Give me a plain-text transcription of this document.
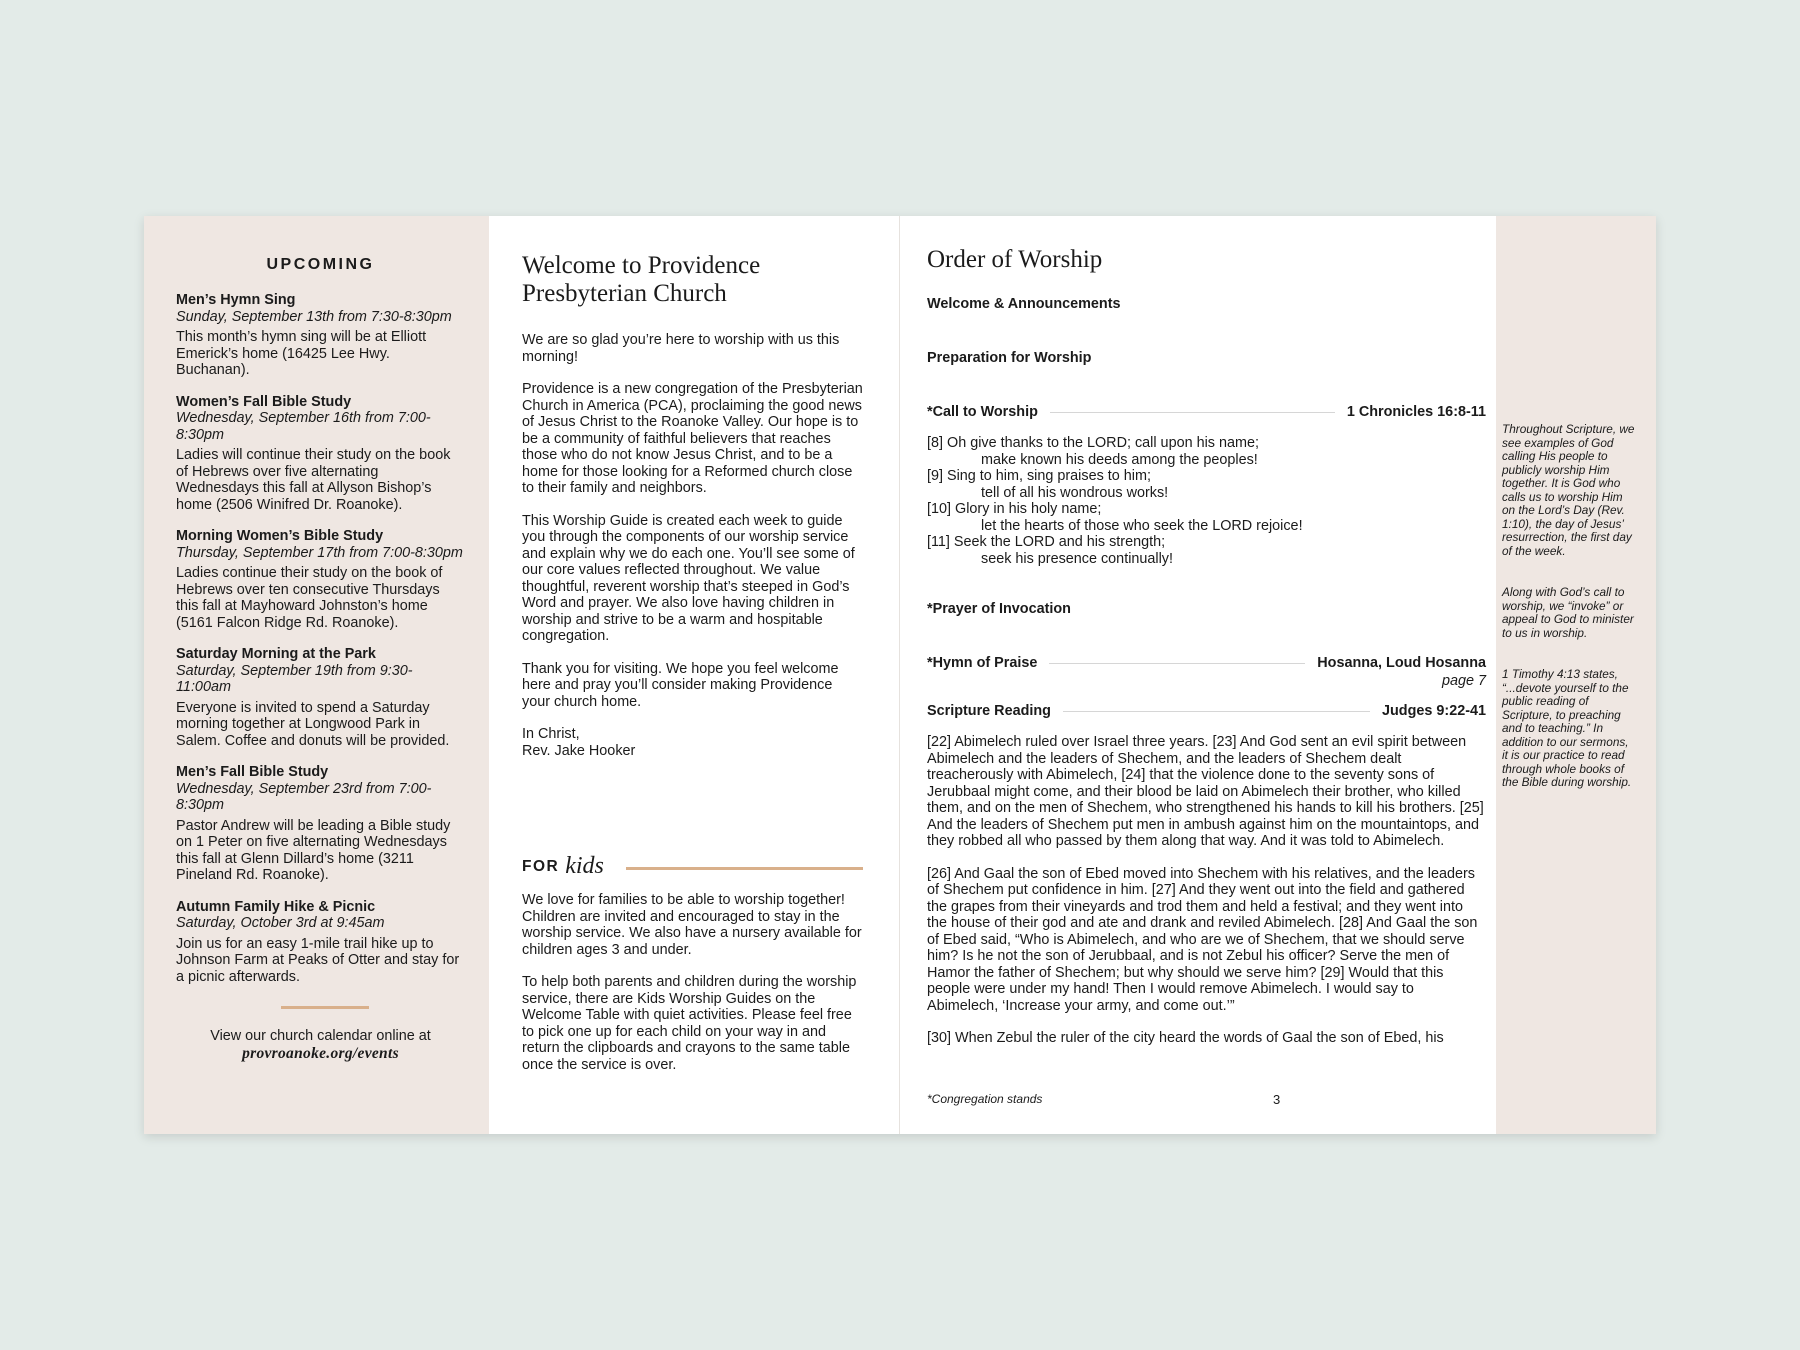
UPCOMING
Men’s Hymn Sing
Sunday, September 13th from 7:30-8:30pm
This month’s hymn sing will be at Elliott Emerick’s home (16425 Lee Hwy. Buchanan).
Women’s Fall Bible Study
Wednesday, September 16th from 7:00-8:30pm
Ladies will continue their study on the book of Hebrews over five alternating Wednesdays this fall at Allyson Bishop’s home (2506 Winifred Dr. Roanoke).
Morning Women’s Bible Study
Thursday, September 17th from 7:00-8:30pm
Ladies continue their study on the book of Hebrews over ten consecutive Thursdays this fall at Mayhoward Johnston’s home (5161 Falcon Ridge Rd. Roanoke).
Saturday Morning at the Park
Saturday, September 19th from 9:30-11:00am
Everyone is invited to spend a Saturday morning together at Longwood Park in Salem. Coffee and donuts will be provided.
Men’s Fall Bible Study
Wednesday, September 23rd from 7:00-8:30pm
Pastor Andrew will be leading a Bible study on 1 Peter on five alternating Wednesdays this fall at Glenn Dillard’s home (3211 Pineland Rd. Roanoke).
Autumn Family Hike & Picnic
Saturday, October 3rd at 9:45am
Join us for an easy 1-mile trail hike up to Johnson Farm at Peaks of Otter and stay for a picnic afterwards.
View our church calendar online at
provroanoke.org/events
Welcome to Providence
Presbyterian Church

We are so glad you’re here to worship with us this morning!

Providence is a new congregation of the Presbyterian Church in America (PCA), proclaiming the good news of Jesus Christ to the Roanoke Valley. Our hope is to be a community of faithful believers that reaches those who do not know Jesus Christ, and to be a home for those looking for a Reformed church close to their family and neighbors.

This Worship Guide is created each week to guide you through the components of our worship service and explain why we do each one. You’ll see some of our core values reflected throughout. We value thoughtful, reverent worship that’s steeped in God’s Word and prayer. We also love having children in worship and strive to be a warm and hospitable congregation.

Thank you for visiting. We hope you feel welcome here and pray you’ll consider making Providence your church home.

In Christ,
Rev. Jake Hooker
FOR kids

We love for families to be able to worship together! Children are invited and encouraged to stay in the worship service. We also have a nursery available for children ages 3 and under.

To help both parents and children during the worship service, there are Kids Worship Guides on the Welcome Table with quiet activities. Please feel free to pick one up for each child on your way in and return the clipboards and crayons to the same table once the service is over.

Order of Worship
Welcome & Announcements
Preparation for Worship
*Call to Worship	1 Chronicles 16:8-11
[8] Oh give thanks to the LORD; call upon his name;
make known his deeds among the peoples!
[9] Sing to him, sing praises to him;
tell of all his wondrous works!
[10] Glory in his holy name;
let the hearts of those who seek the LORD rejoice!
[11] Seek the LORD and his strength;
seek his presence continually!
*Prayer of Invocation
*Hymn of Praise	Hosanna, Loud Hosanna
page 7
Scripture Reading	Judges 9:22-41

[22] Abimelech ruled over Israel three years. [23] And God sent an evil spirit between Abimelech and the leaders of Shechem, and the leaders of Shechem dealt treacherously with Abimelech, [24] that the violence done to the seventy sons of Jerubbaal might come, and their blood be laid on Abimelech their brother, who killed them, and on the men of Shechem, who strengthened his hands to kill his brothers. [25] And the leaders of Shechem put men in ambush against him on the mountaintops, and they robbed all who passed by them along that way. And it was told to Abimelech.

[26] And Gaal the son of Ebed moved into Shechem with his relatives, and the leaders of Shechem put confidence in him. [27] And they went out into the field and gathered the grapes from their vineyards and trod them and held a festival; and they went into the house of their god and ate and drank and reviled Abimelech. [28] And Gaal the son of Ebed said, “Who is Abimelech, and who are we of Shechem, that we should serve him? Is he not the son of Jerubbaal, and is not Zebul his officer? Serve the men of Hamor the father of Shechem; but why should we serve him? [29] Would that this people were under my hand! Then I would remove Abimelech. I would say to Abimelech, ‘Increase your army, and come out.’”

[30] When Zebul the ruler of the city heard the words of Gaal the son of Ebed, his

*Congregation stands	3

Throughout Scripture, we see examples of God calling His people to publicly worship Him together. It is God who calls us to worship Him on the Lord’s Day (Rev. 1:10), the day of Jesus’ resurrection, the first day of the week.

Along with God’s call to worship, we “invoke” or appeal to God to minister to us in worship.

1 Timothy 4:13 states, “...devote yourself to the public reading of Scripture, to preaching and to teaching.” In addition to our sermons, it is our practice to read through whole books of the Bible during worship.
